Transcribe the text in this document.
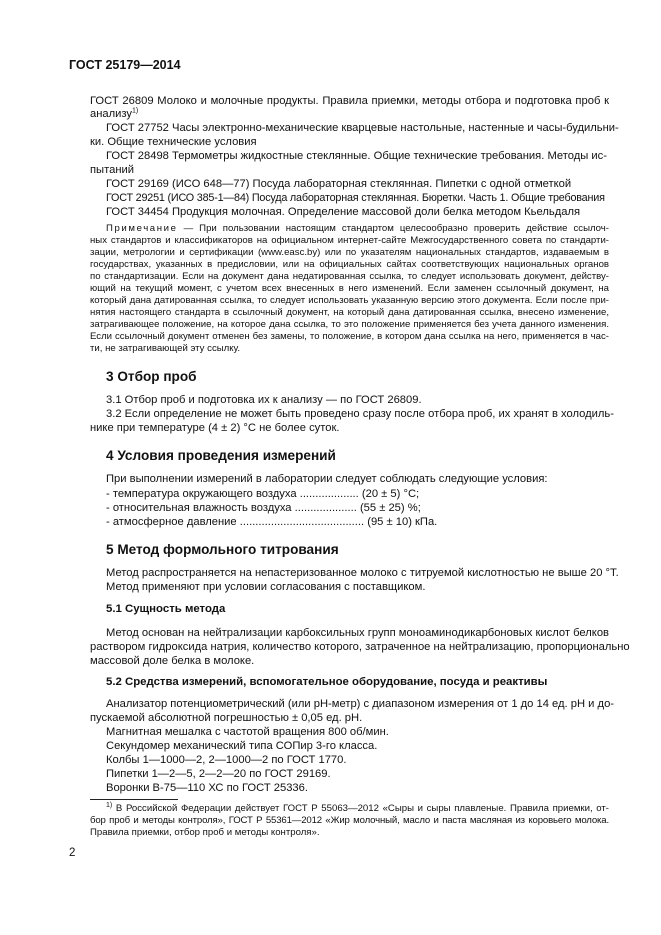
ГОСТ 25179—2014

ГОСТ 26809 Молоко и молочные продукты. Правила приемки, методы отбора и подготовка проб к

анализу$^{1)}$

ГОСТ 27752 Часы электронно-механические кварцевые настольные, настенные и часы-будильни-

ки. Общие технические условия

ГОСТ 28498 Термометры жидкостные стеклянные. Общие технические требования. Методы ис-

пытаний

ГОСТ 29169 (ИСО 648—77) Посуда лабораторная стеклянная. Пипетки с одной отметкой

ГОСТ 29251 (ИСО 385-1—84) Посуда лабораторная стеклянная. Бюретки. Часть 1. Общие требования

ГОСТ 34454 Продукция молочная. Определение массовой доли белка методом Кьельдаля

Примечание — При пользовании настоящим стандартом целесообразно проверить действие ссылоч-

ных стандартов и классификаторов на официальном интернет-сайте Межгосударственного совета по стандарти-

зации, метрологии и сертификации (www.easc.by) или по указателям национальных стандартов, издаваемым в

государствах, указанных в предисловии, или на официальных сайтах соответствующих национальных органов

по стандартизации. Если на документ дана недатированная ссылка, то следует использовать документ, действу-

ющий на текущий момент, с учетом всех внесенных в него изменений. Если заменен ссылочный документ, на

который дана датированная ссылка, то следует использовать указанную версию этого документа. Если после при-

нятия настоящего стандарта в ссылочный документ, на который дана датированная ссылка, внесено изменение,

затрагивающее положение, на которое дана ссылка, то это положение применяется без учета данного изменения.

Если ссылочный документ отменен без замены, то положение, в котором дана ссылка на него, применяется в час-

ти, не затрагивающей эту ссылку.

3 Отбор проб

3.1 Отбор проб и подготовка их к анализу — по ГОСТ 26809.

3.2 Если определение не может быть проведено сразу после отбора проб, их хранят в холодиль-

нике при температуре (4 ± 2) °С не более суток.

4 Условия проведения измерений

При выполнении измерений в лаборатории следует соблюдать следующие условия:

- температура окружающего воздуха ................... (20 ± 5) °С;
- относительная влажность воздуха .................... (55 ± 25) %;
- атмосферное давление ........................................ (95 ± 10) кПа.
5 Метод формольного титрования

Метод распространяется на непастеризованное молоко с титруемой кислотностью не выше 20 °Т.

Метод применяют при условии согласования с поставщиком.

5.1 Сущность метода

Метод основан на нейтрализации карбоксильных групп моноаминодикарбоновых кислот белков

раствором гидроксида натрия, количество которого, затраченное на нейтрализацию, пропорционально

массовой доле белка в молоке.

5.2 Средства измерений, вспомогательное оборудование, посуда и реактивы

Анализатор потенциометрический (или рН-метр) с диапазоном измерения от 1 до 14 ед. рН и до-

пускаемой абсолютной погрешностью ± 0,05 ед. рН.

Магнитная мешалка с частотой вращения 800 об/мин.

Секундомер механический типа СОПир 3-го класса.

Колбы 1—1000—2, 2—1000—2 по ГОСТ 1770.

Пипетки 1—2—5, 2—2—20 по ГОСТ 29169.

Воронки В-75—110 ХС по ГОСТ 25336.

$^{1)}$ В Российской Федерации действует ГОСТ Р 55063—2012 «Сыры и сыры плавленые. Правила приемки, от-

бор проб и методы контроля», ГОСТ Р 55361—2012 «Жир молочный, масло и паста масляная из коровьего молока.

Правила приемки, отбор проб и методы контроля».

2
